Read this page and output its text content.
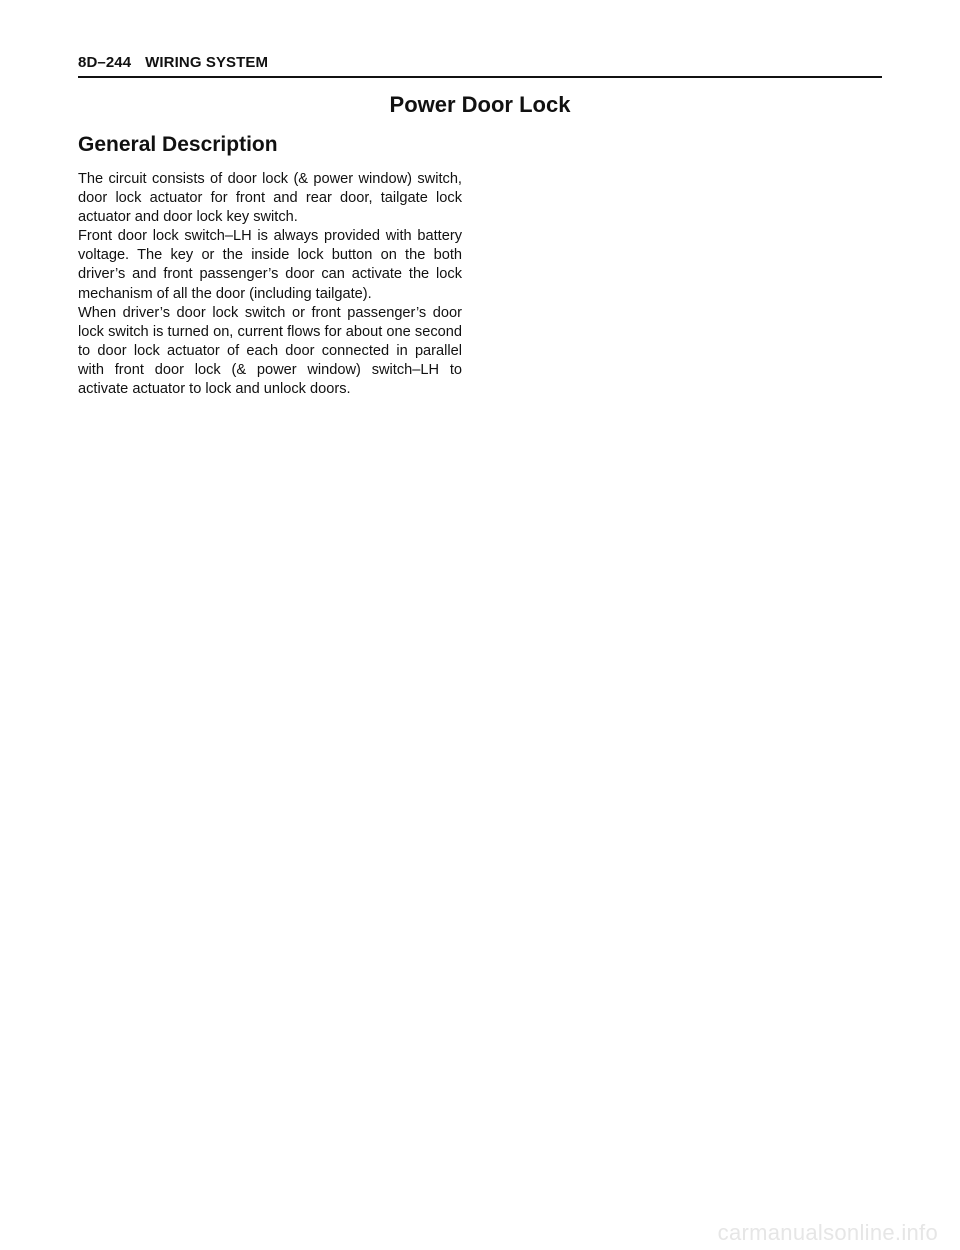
8D–244 WIRING SYSTEM
Power Door Lock
General Description

The circuit consists of door lock (& power window) switch, door lock actuator for front and rear door, tailgate lock actuator and door lock key switch.

Front door lock switch–LH is always provided with battery voltage. The key or the inside lock button on the both driver’s and front passenger’s door can activate the lock mechanism of all the door (including tailgate).

When driver’s door lock switch or front passenger’s door lock switch is turned on, current flows for about one second to door lock actuator of each door connected in parallel with front door lock (& power window) switch–LH to activate actuator to lock and unlock doors.

carmanualsonline.info
